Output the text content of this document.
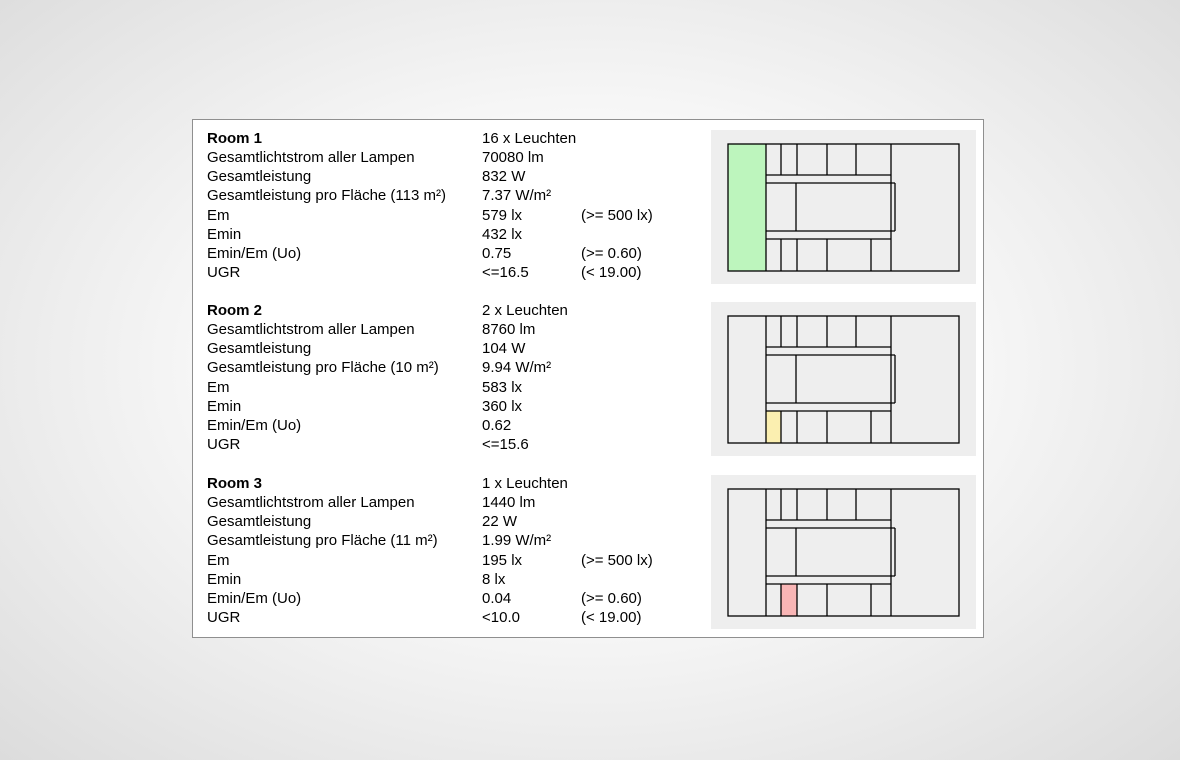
Room 1	16 x Leuchten
Gesamtlichtstrom aller Lampen	70080 lm
Gesamtleistung	832 W
Gesamtleistung pro Fläche (113 m²) 7.37 W/m²
Em	579 lx	(>= 500 lx)
Emin	432 lx
Emin/Em (Uo)	0.75	(>= 0.60)
UGR	<=16.5	(< 19.00)
Room 2	2 x Leuchten
Gesamtlichtstrom aller Lampen	8760 lm
Gesamtleistung	104 W
Gesamtleistung pro Fläche (10 m²)	9.94 W/m²
Em	583 lx
Emin	360 lx
Emin/Em (Uo)	0.62
UGR	<=15.6
Room 3	1 x Leuchten
Gesamtlichtstrom aller Lampen	1440 lm
Gesamtleistung	22 W
Gesamtleistung pro Fläche (11 m²)	1.99 W/m²
Em	195 lx	(>= 500 lx)
Emin	8 lx
Emin/Em (Uo)	0.04	(>= 0.60)
UGR	<10.0	(< 19.00)
